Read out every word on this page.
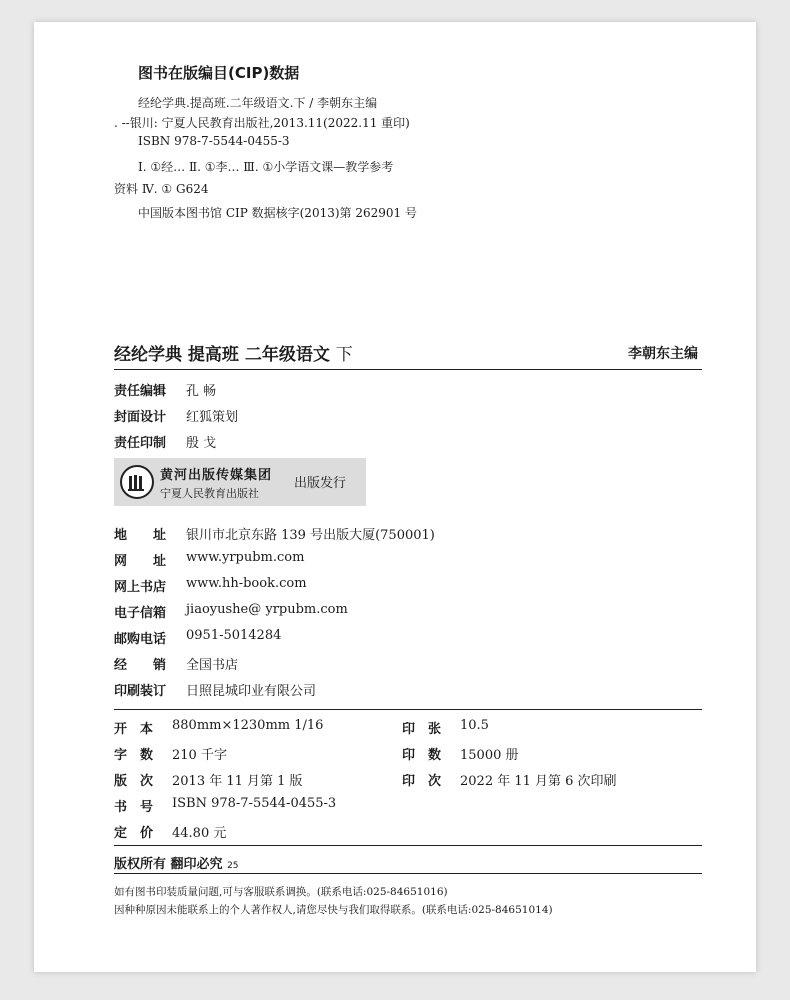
图书在版编目(CIP)数据
经纶学典.提高班.二年级语文.下 / 李朝东主编
. --银川: 宁夏人民教育出版社,2013.11(2022.11 重印)
ISBN 978-7-5544-0455-3
Ⅰ. ①经… Ⅱ. ①李… Ⅲ. ①小学语文课—教学参考
资料 Ⅳ. ① G624
中国版本图书馆 CIP 数据核字(2013)第 262901 号
经纶学典 提高班 二年级语文 下	李朝东主编
责任编辑 孔 畅
封面设计 红狐策划
责任印制 殷 戈
黄河出版传媒集团
宁夏人民教育出版社
出版发行
地　　址 银川市北京东路 139 号出版大厦(750001)
网　　址 www.yrpubm.com
网上书店 www.hh-book.com
电子信箱 jiaoyushe@ yrpubm.com
邮购电话 0951-5014284
经　　销 全国书店
印刷装订 日照昆城印业有限公司
开　本 880mm×1230mm 1/16
字　数 210 千字
版　次 2013 年 11 月第 1 版
书　号 ISBN 978-7-5544-0455-3
定　价 44.80 元
印　张 10.5
印　数 15000 册
印　次 2022 年 11 月第 6 次印刷
版权所有 翻印必究 25
如有图书印装质量问题,可与客服联系调换。(联系电话:025-84651016)
因种种原因未能联系上的个人著作权人,请您尽快与我们取得联系。(联系电话:025-84651014)
